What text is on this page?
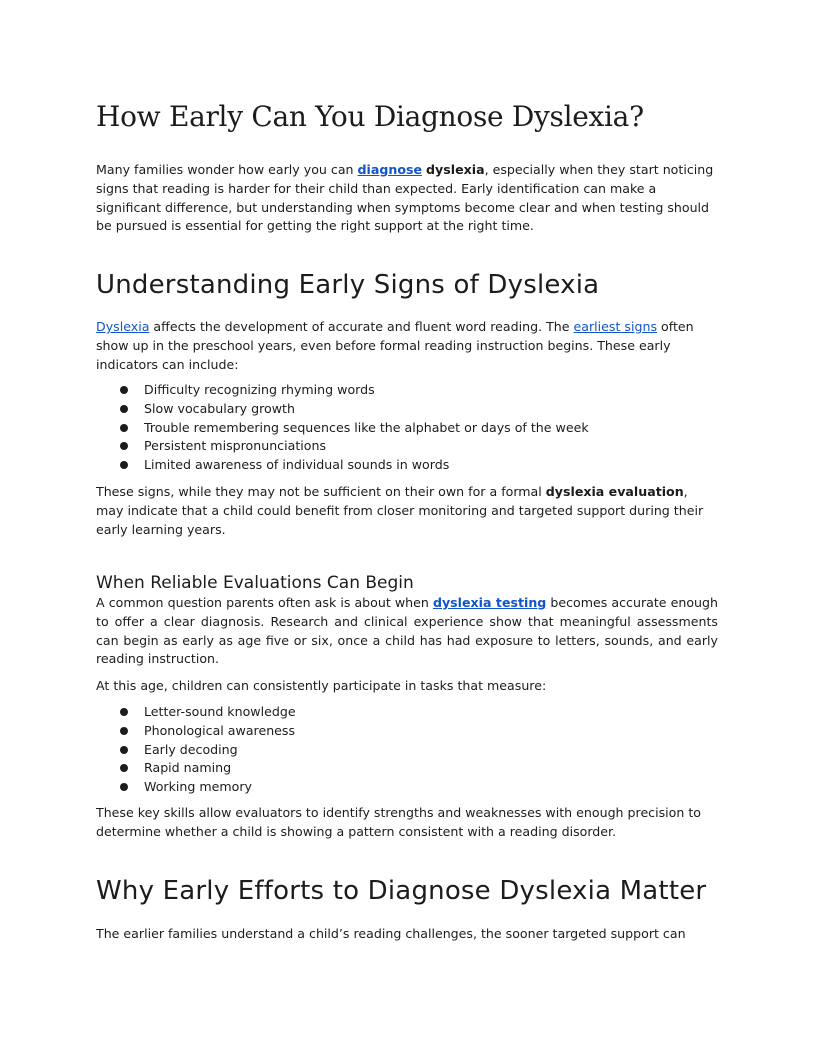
How Early Can You Diagnose Dyslexia?

Many families wonder how early you can diagnose dyslexia, especially when they start noticing signs that reading is harder for their child than expected. Early identification can make a significant difference, but understanding when symptoms become clear and when testing should be pursued is essential for getting the right support at the right time.

Understanding Early Signs of Dyslexia

Dyslexia affects the development of accurate and fluent word reading. The earliest signs often show up in the preschool years, even before formal reading instruction begins. These early indicators can include:

Difficulty recognizing rhyming words
Slow vocabulary growth
Trouble remembering sequences like the alphabet or days of the week
Persistent mispronunciations
Limited awareness of individual sounds in words

These signs, while they may not be sufficient on their own for a formal dyslexia evaluation, may indicate that a child could benefit from closer monitoring and targeted support during their early learning years.

When Reliable Evaluations Can Begin

A common question parents often ask is about when dyslexia testing becomes accurate enough to offer a clear diagnosis. Research and clinical experience show that meaningful assessments can begin as early as age five or six, once a child has had exposure to letters, sounds, and early reading instruction.

At this age, children can consistently participate in tasks that measure:

Letter-sound knowledge
Phonological awareness
Early decoding
Rapid naming
Working memory

These key skills allow evaluators to identify strengths and weaknesses with enough precision to determine whether a child is showing a pattern consistent with a reading disorder.

Why Early Efforts to Diagnose Dyslexia Matter

The earlier families understand a child’s reading challenges, the sooner targeted support can
